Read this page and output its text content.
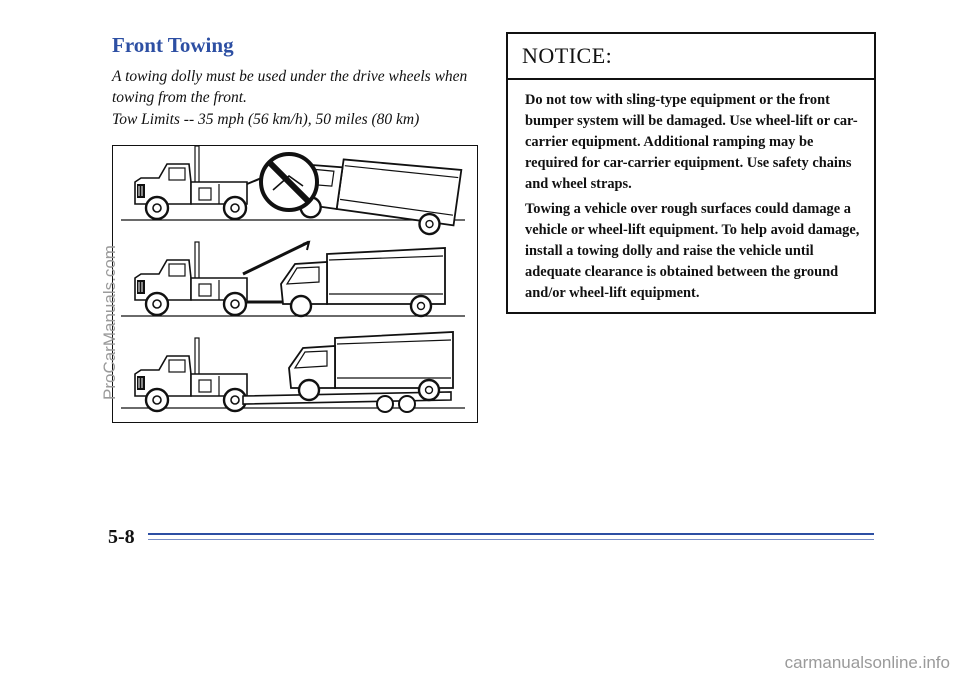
Front Towing

A towing dolly must be used under the drive wheels when towing from the front.

Tow Limits -- 35 mph (56 km/h), 50 miles (80 km)

ProCarManuals.com
NOTICE:

Do not tow with sling-type equipment or the front bumper system will be damaged. Use wheel-lift or car-carrier equipment. Additional ramping may be required for car-carrier equipment. Use safety chains and wheel straps.

Towing a vehicle over rough surfaces could damage a vehicle or wheel-lift equipment. To help avoid damage, install a towing dolly and raise the vehicle until adequate clearance is obtained between the ground and/or wheel-lift equipment.

5-8
carmanualsonline.info
